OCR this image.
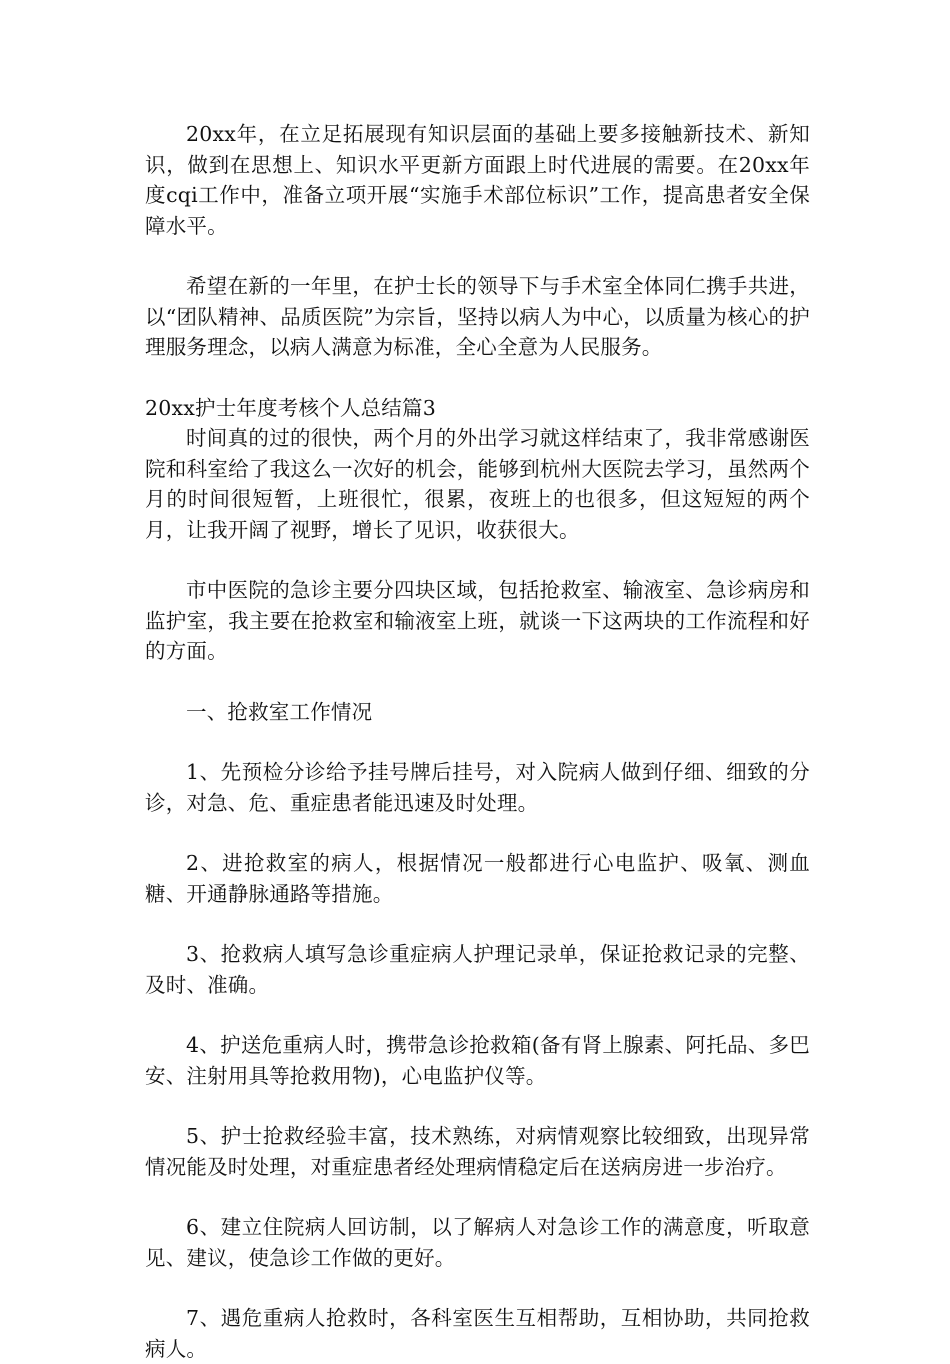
20xx年，在立足拓展现有知识层面的基础上要多接触新技术、新知识，做到在思想上、知识水平更新方面跟上时代进展的需要。在20xx年度cqi工作中，准备立项开展“实施手术部位标识”工作，提高患者安全保障水平。

希望在新的一年里，在护士长的领导下与手术室全体同仁携手共进，以“团队精神、品质医院”为宗旨，坚持以病人为中心，以质量为核心的护理服务理念，以病人满意为标准，全心全意为人民服务。

20xx护士年度考核个人总结篇3

时间真的过的很快，两个月的外出学习就这样结束了，我非常感谢医院和科室给了我这么一次好的机会，能够到杭州大医院去学习，虽然两个月的时间很短暂，上班很忙，很累，夜班上的也很多，但这短短的两个月，让我开阔了视野，增长了见识，收获很大。

市中医院的急诊主要分四块区域，包括抢救室、输液室、急诊病房和监护室，我主要在抢救室和输液室上班，就谈一下这两块的工作流程和好的方面。

一、抢救室工作情况

1、先预检分诊给予挂号牌后挂号，对入院病人做到仔细、细致的分诊，对急、危、重症患者能迅速及时处理。

2、进抢救室的病人，根据情况一般都进行心电监护、吸氧、测血糖、开通静脉通路等措施。

3、抢救病人填写急诊重症病人护理记录单，保证抢救记录的完整、及时、准确。

4、护送危重病人时，携带急诊抢救箱(备有肾上腺素、阿托品、多巴安、注射用具等抢救用物)，心电监护仪等。

5、护士抢救经验丰富，技术熟练，对病情观察比较细致，出现异常情况能及时处理，对重症患者经处理病情稳定后在送病房进一步治疗。

6、建立住院病人回访制，以了解病人对急诊工作的满意度，听取意见、建议，使急诊工作做的更好。

7、遇危重病人抢救时，各科室医生互相帮助，互相协助，共同抢救病人。
